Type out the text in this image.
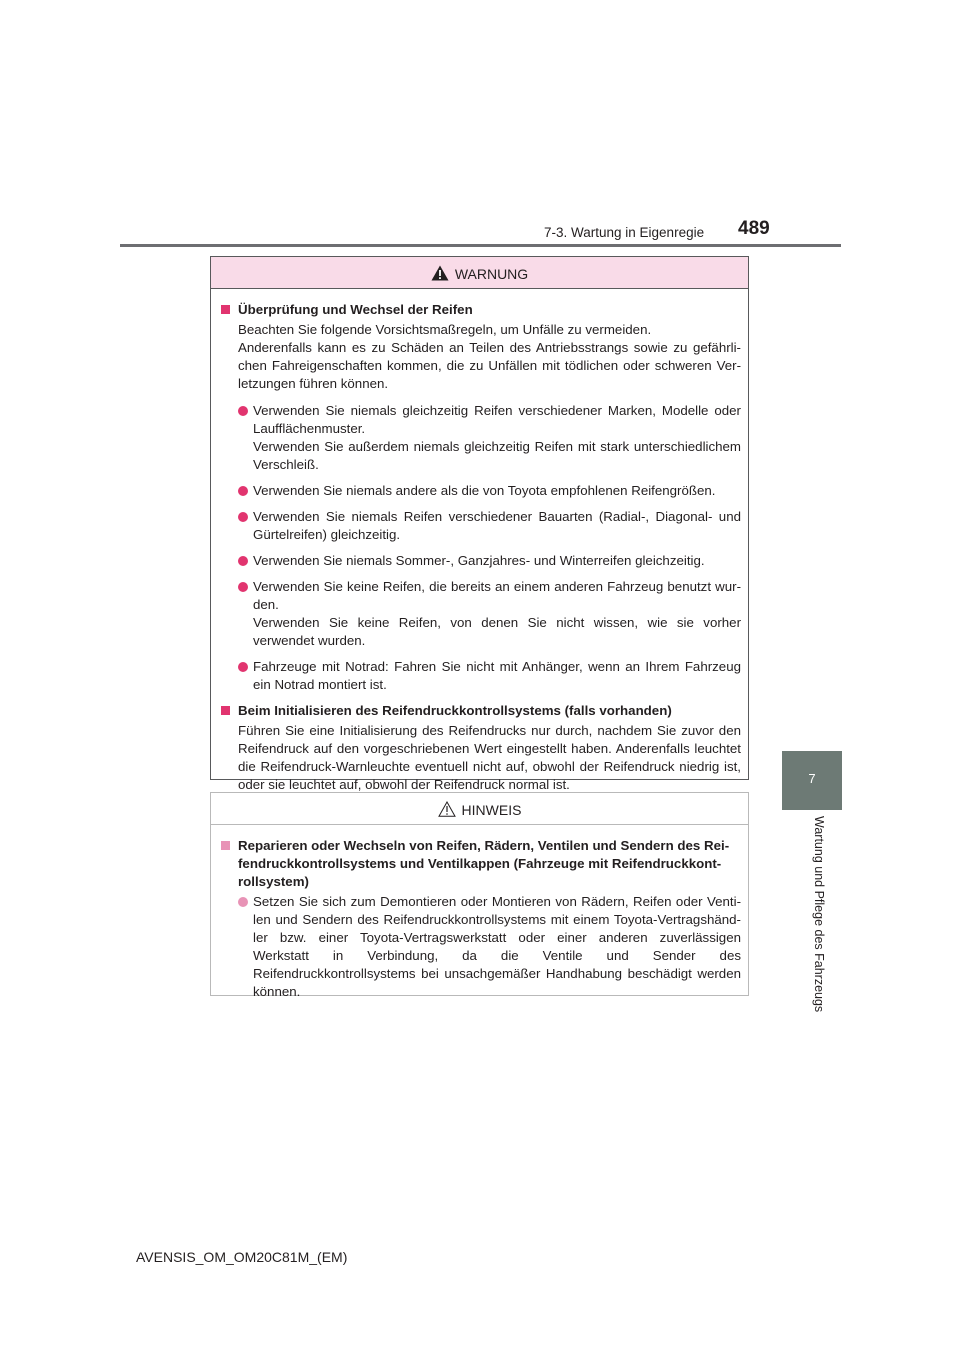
7-3. Wartung in Eigenregie 489
7
Wartung und Pflege des Fahrzeugs
WARNUNG
Überprüfung und Wechsel der Reifen
Beachten Sie folgende Vorsichtsmaßregeln, um Unfälle zu vermeiden.
Anderenfalls kann es zu Schäden an Teilen des Antriebsstrangs sowie zu gefährli-chen Fahreigenschaften kommen, die zu Unfällen mit tödlichen oder schweren Ver-letzungen führen können.
Verwenden Sie niemals gleichzeitig Reifen verschiedener Marken, Modelle oder Laufflächenmuster.
Verwenden Sie außerdem niemals gleichzeitig Reifen mit stark unterschiedlichem Verschleiß.
Verwenden Sie niemals andere als die von Toyota empfohlenen Reifengrößen.
Verwenden Sie niemals Reifen verschiedener Bauarten (Radial-, Diagonal- und Gürtelreifen) gleichzeitig.
Verwenden Sie niemals Sommer-, Ganzjahres- und Winterreifen gleichzeitig.
Verwenden Sie keine Reifen, die bereits an einem anderen Fahrzeug benutzt wur-den.
Verwenden Sie keine Reifen, von denen Sie nicht wissen, wie sie vorher verwendet wurden.
Fahrzeuge mit Notrad: Fahren Sie nicht mit Anhänger, wenn an Ihrem Fahrzeug ein Notrad montiert ist.
Beim Initialisieren des Reifendruckkontrollsystems (falls vorhanden)
Führen Sie eine Initialisierung des Reifendrucks nur durch, nachdem Sie zuvor den Reifendruck auf den vorgeschriebenen Wert eingestellt haben. Anderenfalls leuchtet die Reifendruck-Warnleuchte eventuell nicht auf, obwohl der Reifendruck niedrig ist, oder sie leuchtet auf, obwohl der Reifendruck normal ist.
HINWEIS
Reparieren oder Wechseln von Reifen, Rädern, Ventilen und Sendern des Rei-fendruckkontrollsystems und Ventilkappen (Fahrzeuge mit Reifendruckkont-rollsystem)
Setzen Sie sich zum Demontieren oder Montieren von Rädern, Reifen oder Venti-len und Sendern des Reifendruckkontrollsystems mit einem Toyota-Vertragshänd-ler bzw. einer Toyota-Vertragswerkstatt oder einer anderen zuverlässigen Werkstatt in Verbindung, da die Ventile und Sender des Reifendruckkontrollsystems bei unsachgemäßer Handhabung beschädigt werden können.
AVENSIS_OM_OM20C81M_(EM)
